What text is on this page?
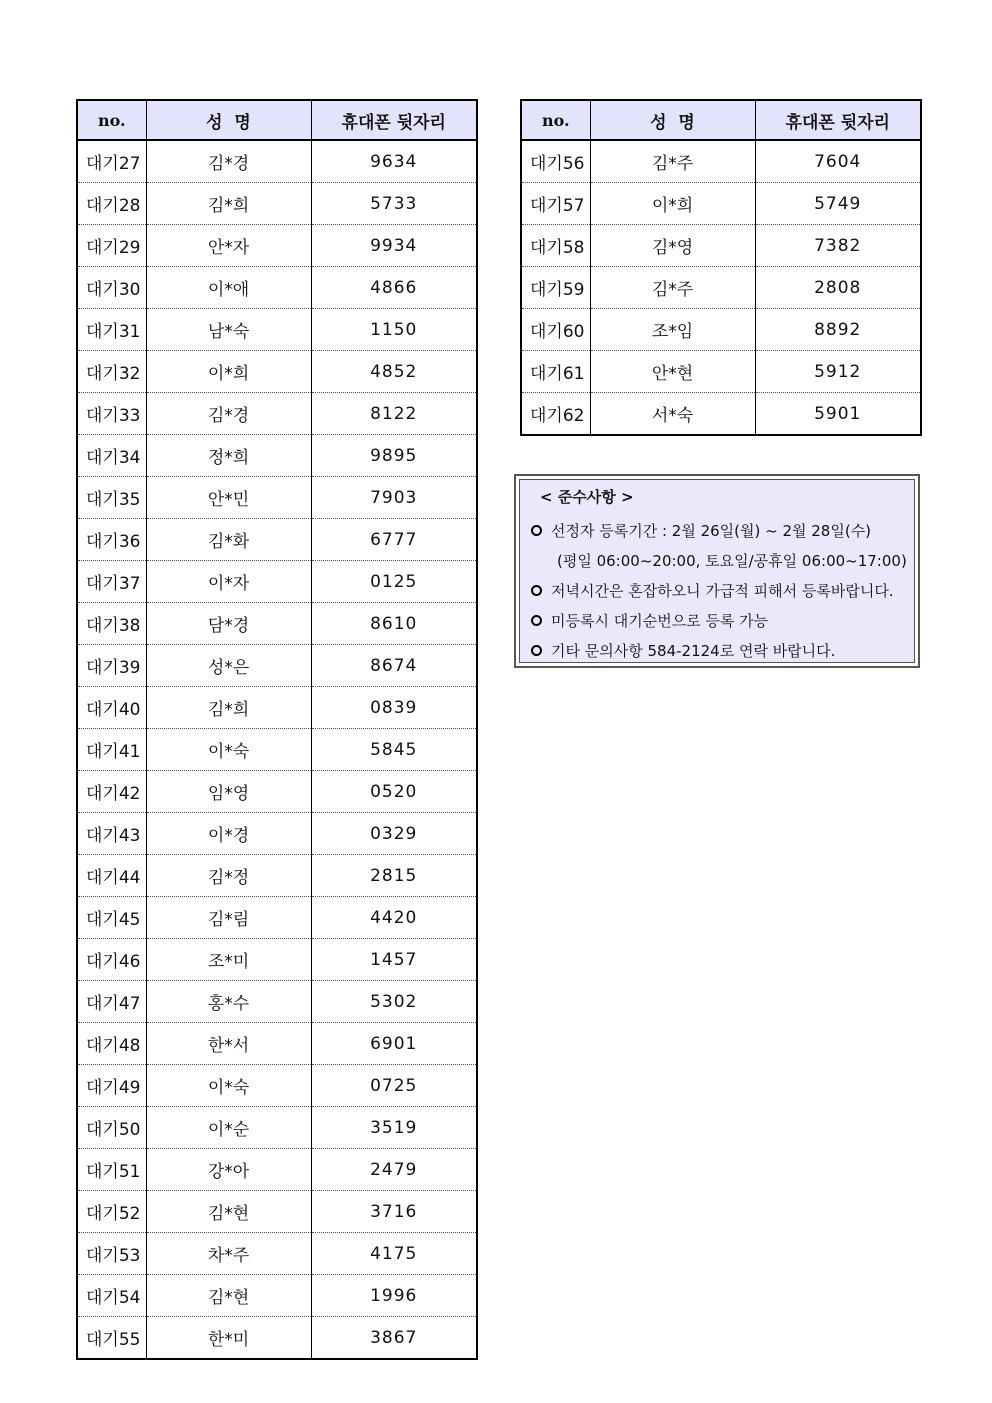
no.	성  명	휴대폰 뒷자리
대기27	김*경	9634
대기28	김*희	5733
대기29	안*자	9934
대기30	이*애	4866
대기31	남*숙	1150
대기32	이*희	4852
대기33	김*경	8122
대기34	정*희	9895
대기35	안*민	7903
대기36	김*화	6777
대기37	이*자	0125
대기38	담*경	8610
대기39	성*은	8674
대기40	김*희	0839
대기41	이*숙	5845
대기42	임*영	0520
대기43	이*경	0329
대기44	김*정	2815
대기45	김*림	4420
대기46	조*미	1457
대기47	홍*수	5302
대기48	한*서	6901
대기49	이*숙	0725
대기50	이*순	3519
대기51	강*아	2479
대기52	김*현	3716
대기53	차*주	4175
대기54	김*현	1996
대기55	한*미	3867
no.	성  명	휴대폰 뒷자리
대기56	김*주	7604
대기57	이*희	5749
대기58	김*영	7382
대기59	김*주	2808
대기60	조*임	8892
대기61	안*현	5912
대기62	서*숙	5901
< 준수사항 >
선정자 등록기간 : 2월 26일(월) ~ 2월 28일(수)
(평일 06:00~20:00, 토요일/공휴일 06:00~17:00)
저녁시간은 혼잡하오니 가급적 피해서 등록바랍니다.
미등록시 대기순번으로 등록 가능
기타 문의사항 584-2124로 연락 바랍니다.
